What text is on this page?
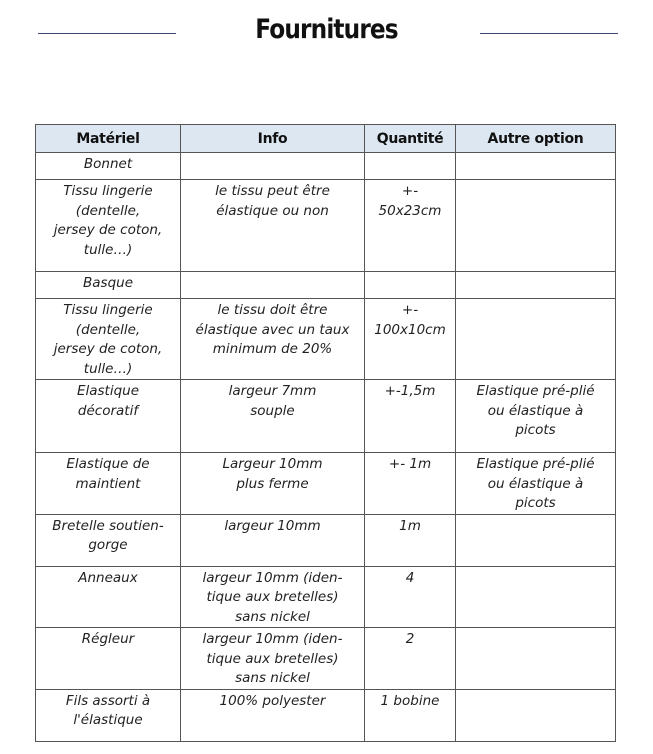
Fournitures
Matériel	Info	Quantité	Autre option

Bonnet			

Tissu lingerie
(dentelle,
jersey de coton,
tulle…)	le tissu peut être
élastique ou non	+-
50x23cm	

Basque			

Tissu lingerie
(dentelle,
jersey de coton,
tulle…)	le tissu doit être
élastique avec un taux
minimum de 20%	+-
100x10cm	

Elastique
décoratif	largeur 7mm
souple	+-1,5m	Elastique pré-plié
ou élastique à
picots

Elastique de
maintient	Largeur 10mm
plus ferme	+- 1m	Elastique pré-plié
ou élastique à
picots

Bretelle soutien-
gorge	largeur 10mm	1m	

Anneaux	largeur 10mm (iden-
tique aux bretelles)
sans nickel	4	

Régleur	largeur 10mm (iden-
tique aux bretelles)
sans nickel	2	

Fils assorti à
l'élastique	100% polyester	1 bobine	
